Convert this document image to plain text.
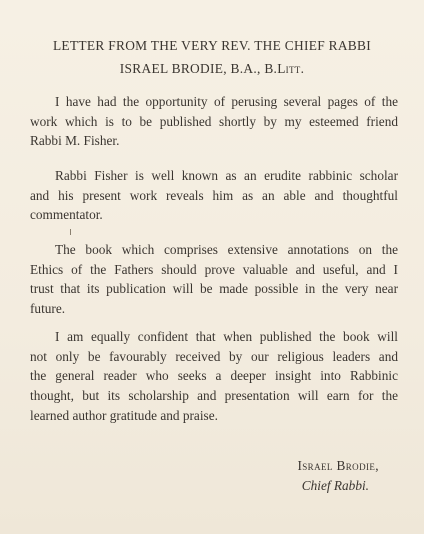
LETTER FROM THE VERY REV. THE CHIEF RABBI
ISRAEL BRODIE, B.A., B.Litt.
I have had the opportunity of perusing several pages of the
work which is to be published shortly by my esteemed friend
Rabbi M. Fisher.
Rabbi Fisher is well known as an erudite rabbinic scholar
and his present work reveals him as an able and thoughtful
commentator.
The book which comprises extensive annotations on the
Ethics of the Fathers should prove valuable and useful, and I
trust that its publication will be made possible in the very near
future.
I am equally confident that when published the book will
not only be favourably received by our religious leaders and
the general reader who seeks a deeper insight into Rabbinic
thought, but its scholarship and presentation will earn for the
learned author gratitude and praise.
Israel Brodie,
Chief Rabbi.
